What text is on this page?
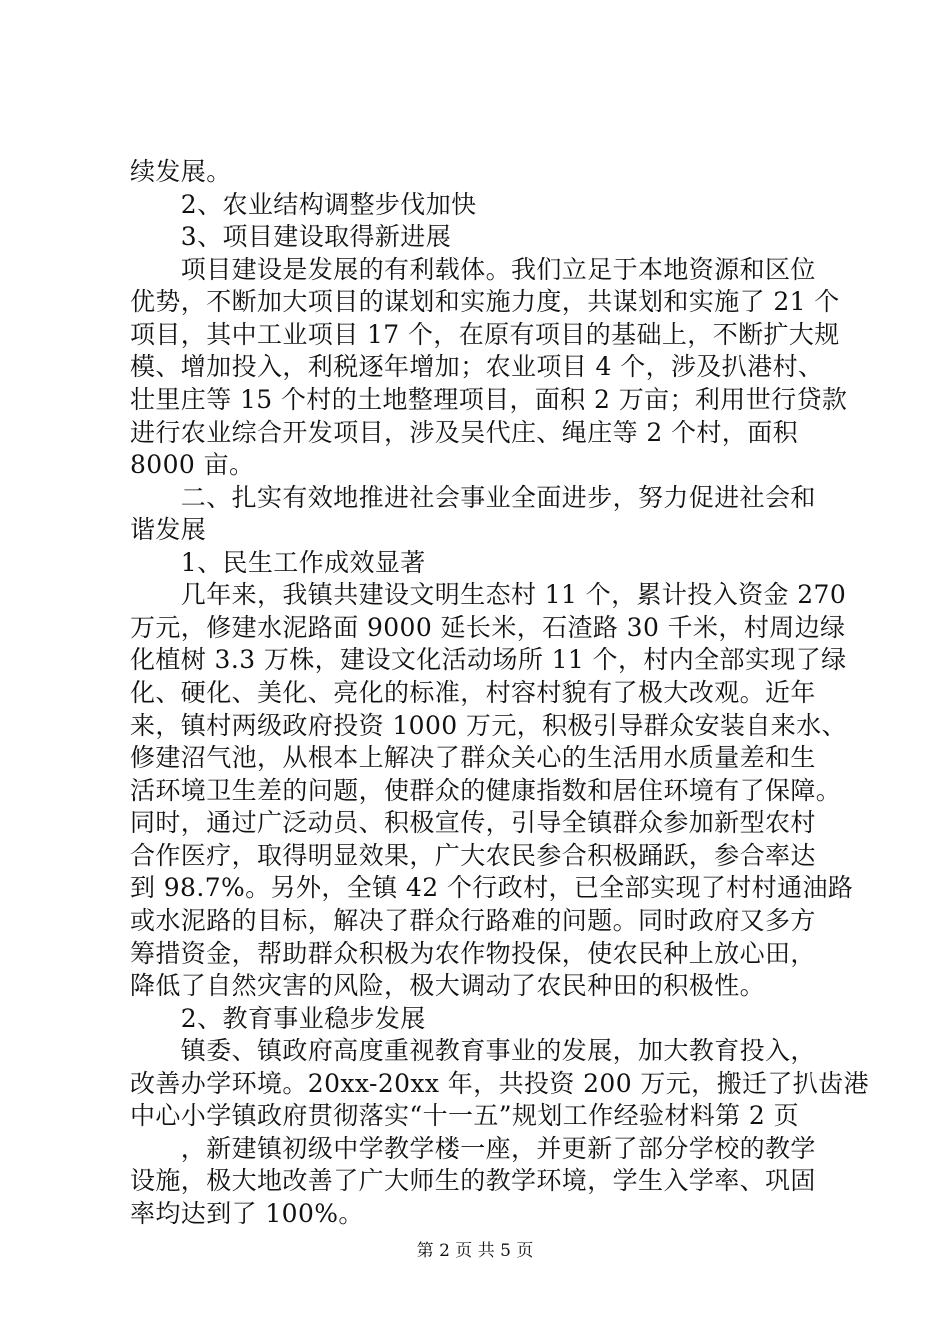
续发展。
　　2、农业结构调整步伐加快
　　3、项目建设取得新进展
　　项目建设是发展的有利载体。我们立足于本地资源和区位
优势，不断加大项目的谋划和实施力度，共谋划和实施了 21 个
项目，其中工业项目 17 个，在原有项目的基础上，不断扩大规
模、增加投入，利税逐年增加；农业项目 4 个，涉及扒港村、
壮里庄等 15 个村的土地整理项目，面积 2 万亩；利用世行贷款
进行农业综合开发项目，涉及吴代庄、绳庄等 2 个村，面积
8000 亩。
　　二、扎实有效地推进社会事业全面进步，努力促进社会和
谐发展
　　1、民生工作成效显著
　　几年来，我镇共建设文明生态村 11 个，累计投入资金 270
万元，修建水泥路面 9000 延长米，石渣路 30 千米，村周边绿
化植树 3.3 万株，建设文化活动场所 11 个，村内全部实现了绿
化、硬化、美化、亮化的标准，村容村貌有了极大改观。近年
来，镇村两级政府投资 1000 万元，积极引导群众安装自来水、
修建沼气池，从根本上解决了群众关心的生活用水质量差和生
活环境卫生差的问题，使群众的健康指数和居住环境有了保障。
同时，通过广泛动员、积极宣传，引导全镇群众参加新型农村
合作医疗，取得明显效果，广大农民参合积极踊跃，参合率达
到 98.7%。另外，全镇 42 个行政村，已全部实现了村村通油路
或水泥路的目标，解决了群众行路难的问题。同时政府又多方
筹措资金，帮助群众积极为农作物投保，使农民种上放心田，
降低了自然灾害的风险，极大调动了农民种田的积极性。
　　2、教育事业稳步发展
　　镇委、镇政府高度重视教育事业的发展，加大教育投入，
改善办学环境。20xx-20xx 年，共投资 200 万元，搬迁了扒齿港
中心小学镇政府贯彻落实“十一五”规划工作经验材料第 2 页
　　，新建镇初级中学教学楼一座，并更新了部分学校的教学
设施，极大地改善了广大师生的教学环境，学生入学率、巩固
率均达到了 100%。
第 2 页 共 5 页
